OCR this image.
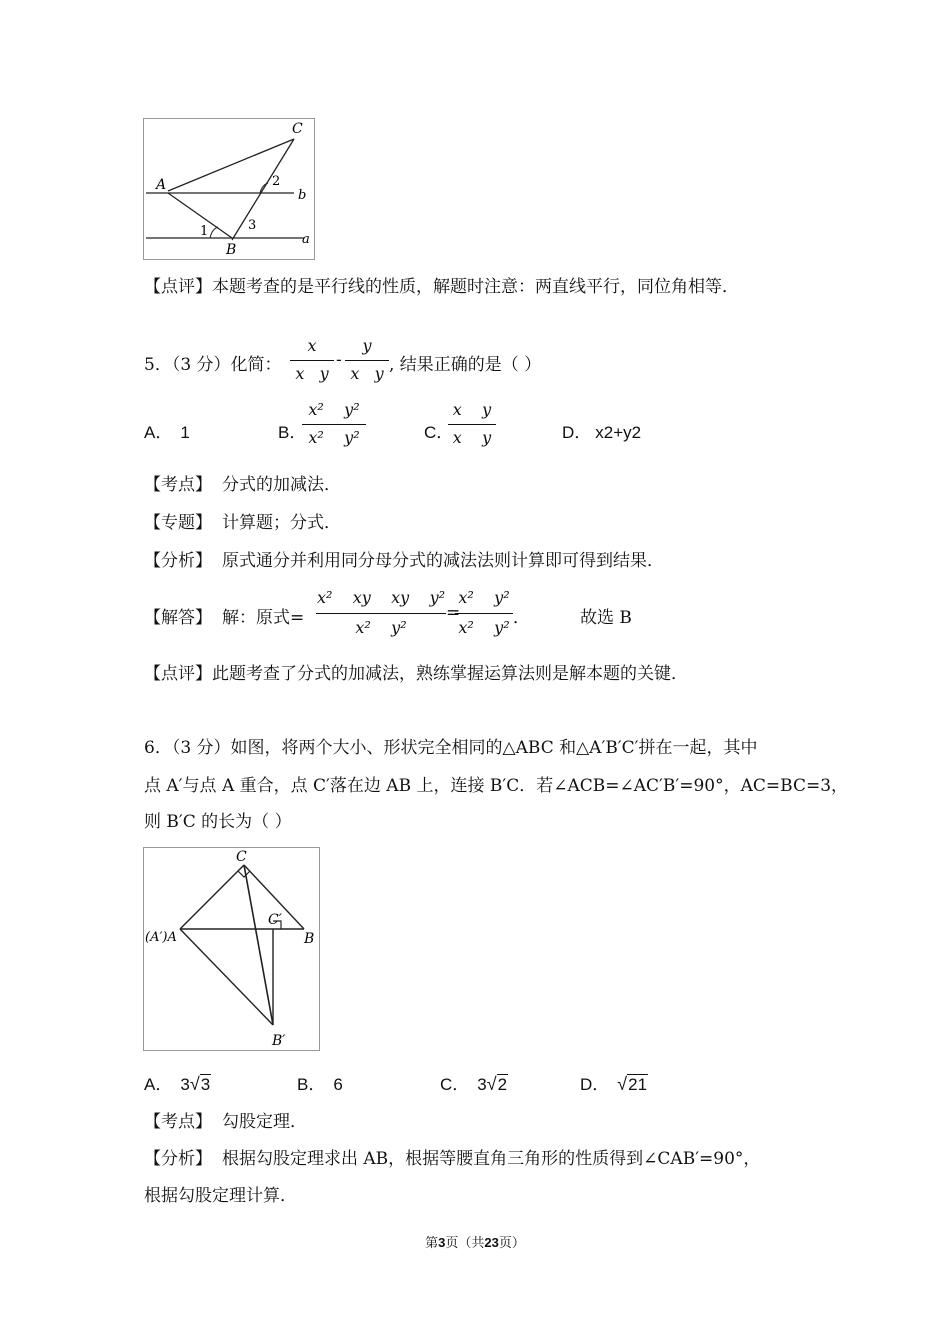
C
A
b
2
3
1
B
a
【点评】本题考查的是平行线的性质，解题时注意：两直线平行，同位角相等．
5．（3 分）化简：
x
x   y
-
y
x   y , 结果正确的是（ ）
A． 1	B．
x²    y²
x²    y²	C．
x    y
x    y	D． x2+y2
【考点】 分式的加减法．
【专题】 计算题；分式．
【分析】 原式通分并利用同分母分式的减法法则计算即可得到结果．
【解答】 解：原式=
x²    xy    xy    y²
x²    y²
=
x²    y²
x²    y² ．	故选 B
【点评】此题考查了分式的加减法，熟练掌握运算法则是解本题的关键．
6．（3 分）如图，将两个大小、形状完全相同的△ABC 和△A′B′C′拼在一起，其中
点 A′与点 A 重合，点 C′落在边 AB 上，连接 B′C．若∠ACB=∠AC′B′=90°，AC=BC=3，
则 B′C 的长为（ ）
C
C′
(A′)A	B
B′
A． 3√3	B． 6	C． 3√2	D． √21
【考点】 勾股定理．
【分析】 根据勾股定理求出 AB，根据等腰直角三角形的性质得到∠CAB′=90°，
根据勾股定理计算．
第3页（共23页）
